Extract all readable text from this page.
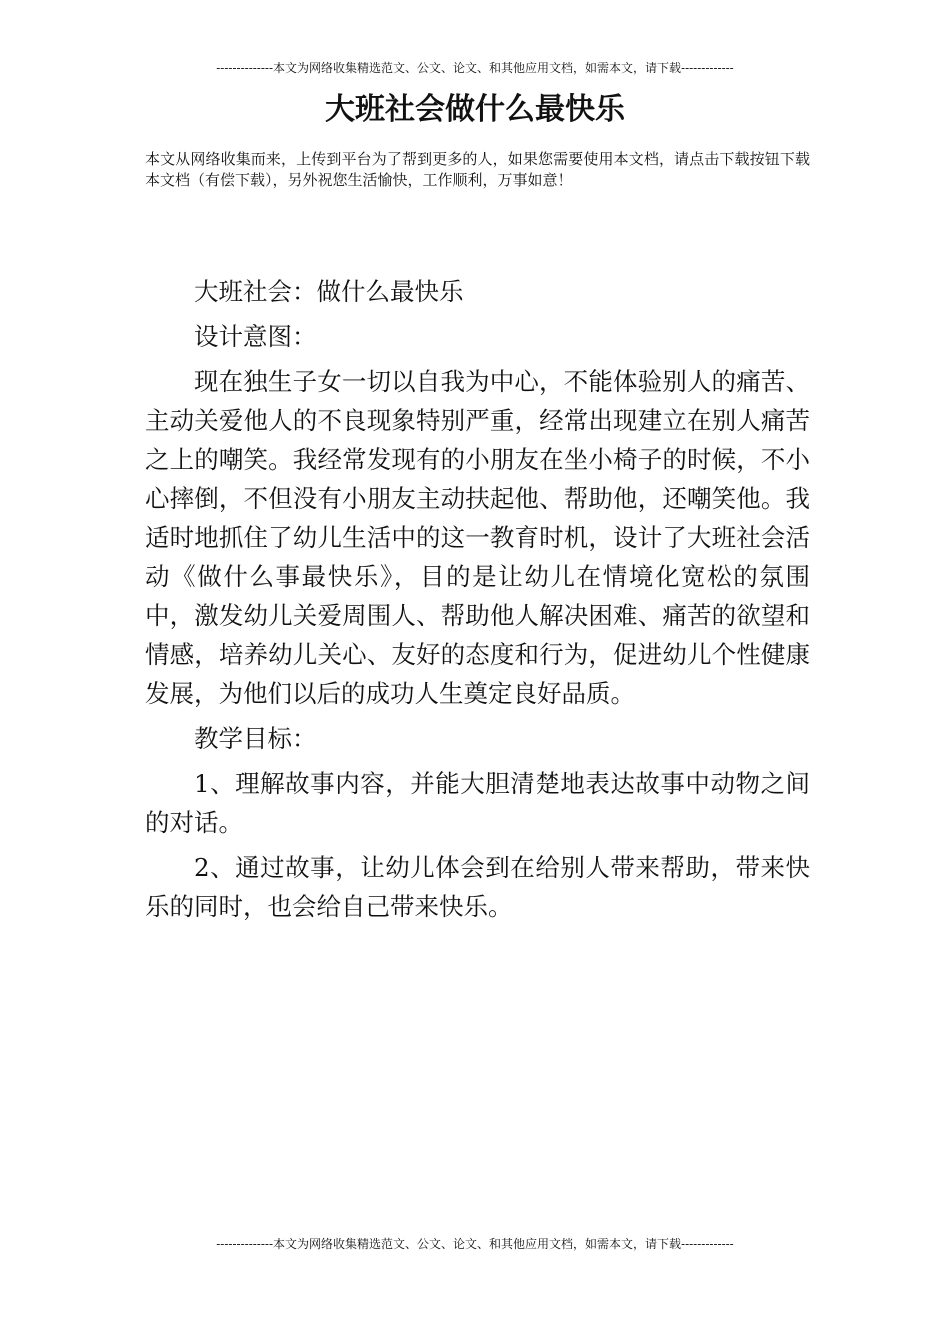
--------------本文为网络收集精选范文、公文、论文、和其他应用文档，如需本文，请下载-------------
大班社会做什么最快乐

本文从网络收集而来，上传到平台为了帮到更多的人，如果您需要使用本文档，请点击下载按钮下载本文档（有偿下载），另外祝您生活愉快，工作顺利，万事如意！

大班社会：做什么最快乐

设计意图：

现在独生子女一切以自我为中心，不能体验别人的痛苦、主动关爱他人的不良现象特别严重，经常出现建立在别人痛苦之上的嘲笑。我经常发现有的小朋友在坐小椅子的时候，不小心摔倒，不但没有小朋友主动扶起他、帮助他，还嘲笑他。我适时地抓住了幼儿生活中的这一教育时机，设计了大班社会活动《做什么事最快乐》，目的是让幼儿在情境化宽松的氛围中，激发幼儿关爱周围人、帮助他人解决困难、痛苦的欲望和情感，培养幼儿关心、友好的态度和行为，促进幼儿个性健康发展，为他们以后的成功人生奠定良好品质。

教学目标：

1、理解故事内容，并能大胆清楚地表达故事中动物之间的对话。

2、通过故事，让幼儿体会到在给别人带来帮助，带来快乐的同时，也会给自己带来快乐。

--------------本文为网络收集精选范文、公文、论文、和其他应用文档，如需本文，请下载-------------
